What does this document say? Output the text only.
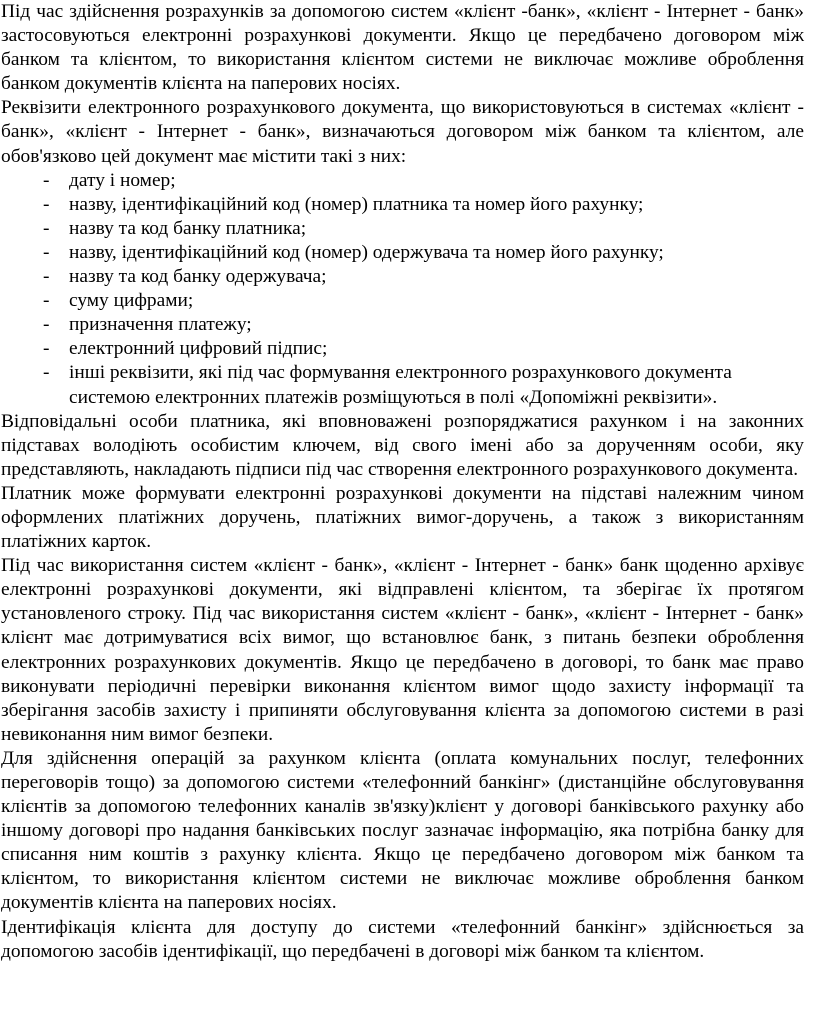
Під час здійснення розрахунків за допомогою систем «клієнт -банк», «клієнт - Інтернет - банк» застосовуються електронні розрахункові документи. Якщо це передбачено договором між банком та клієнтом, то використання клієнтом системи не виключає можливе оброблення банком документів клієнта на паперових носіях.

Реквізити електронного розрахункового документа, що використовуються в системах «клієнт - банк», «клієнт - Інтернет - банк», визначаються договором між банком та клієнтом, але обов'язково цей документ має містити такі з них:

- дату і номер;
- назву, ідентифікаційний код (номер) платника та номер його рахунку;
- назву та код банку платника;
- назву, ідентифікаційний код (номер) одержувача та номер його рахунку;
- назву та код банку одержувача;
- суму цифрами;
- призначення платежу;
- електронний цифровий підпис;
- інші реквізити, які під час формування електронного розрахункового документа системою електронних платежів розміщуються в полі «Допоміжні реквізити».

Відповідальні особи платника, які вповноважені розпоряджатися рахунком і на законних підставах володіють особистим ключем, від свого імені або за дорученням особи, яку представляють, накладають підписи під час створення електронного розрахункового документа.

Платник може формувати електронні розрахункові документи на підставі належним чином оформлених платіжних доручень, платіжних вимог-доручень, а також з використанням платіжних карток.

Під час використання систем «клієнт - банк», «клієнт - Інтернет - банк» банк щоденно архівує електронні розрахункові документи, які відправлені клієнтом, та зберігає їх протягом установленого строку. Під час використання систем «клієнт - банк», «клієнт - Інтернет - банк» клієнт має дотримуватися всіх вимог, що встановлює банк, з питань безпеки оброблення електронних розрахункових документів. Якщо це передбачено в договорі, то банк має право виконувати періодичні перевірки виконання клієнтом вимог щодо захисту інформації та зберігання засобів захисту і припиняти обслуговування клієнта за допомогою системи в разі невиконання ним вимог безпеки.

Для здійснення операцій за рахунком клієнта (оплата комунальних послуг, телефонних переговорів тощо) за допомогою системи «телефонний банкінг» (дистанційне обслуговування клієнтів за допомогою телефонних каналів зв'язку)клієнт у договорі банківського рахунку або іншому договорі про надання банківських послуг зазначає інформацію, яка потрібна банку для списання ним коштів з рахунку клієнта. Якщо це передбачено договором між банком та клієнтом, то використання клієнтом системи не виключає можливе оброблення банком документів клієнта на паперових носіях.

Ідентифікація клієнта для доступу до системи «телефонний банкінг» здійснюється за допомогою засобів ідентифікації, що передбачені в договорі між банком та клієнтом.
